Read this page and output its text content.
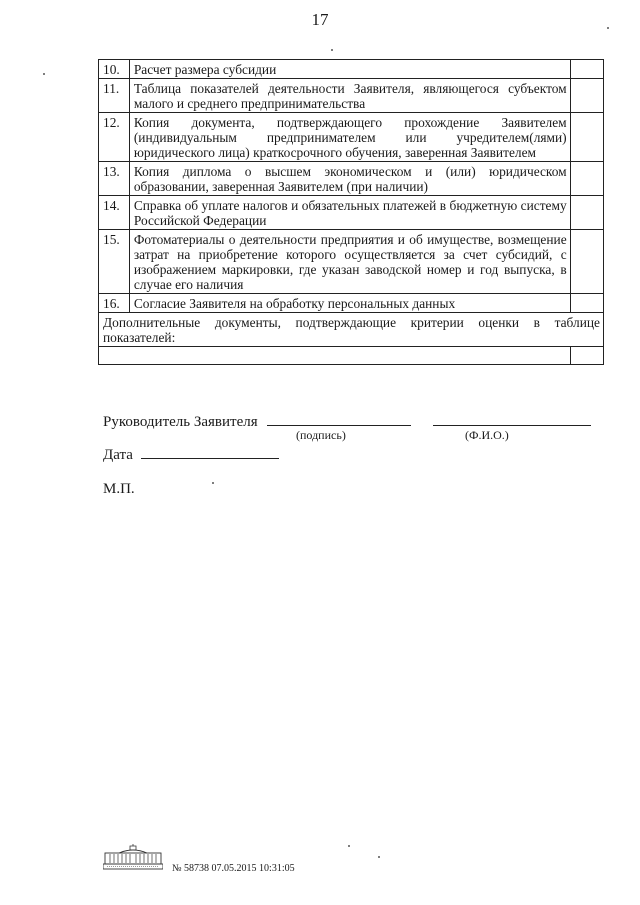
17
10.	Расчет размера субсидии	
11.	Таблица показателей деятельности Заявителя, являющегося субъектом малого и среднего предпринимательства	
12.	Копия документа, подтверждающего прохождение Заявителем (индивидуальным предпринимателем или учредителем(лями) юридического лица) краткосрочного обучения, заверенная Заявителем	
13.	Копия диплома о высшем экономическом и (или) юридическом образовании, заверенная Заявителем (при наличии)	
14.	Справка об уплате налогов и обязательных платежей в бюджетную систему Российской Федерации	
15.	Фотоматериалы о деятельности предприятия и об имуществе, возмещение затрат на приобретение которого осуществляется за счет субсидий, с изображением маркировки, где указан заводской номер и год выпуска, в случае его наличия	
16.	Согласие Заявителя на обработку персональных данных	
Дополнительные документы, подтверждающие критерии оценки в таблице показателей:		

Руководитель Заявителя
(подпись)	(Ф.И.О.)
Дата
М.П.
№ 58738 07.05.2015 10:31:05
